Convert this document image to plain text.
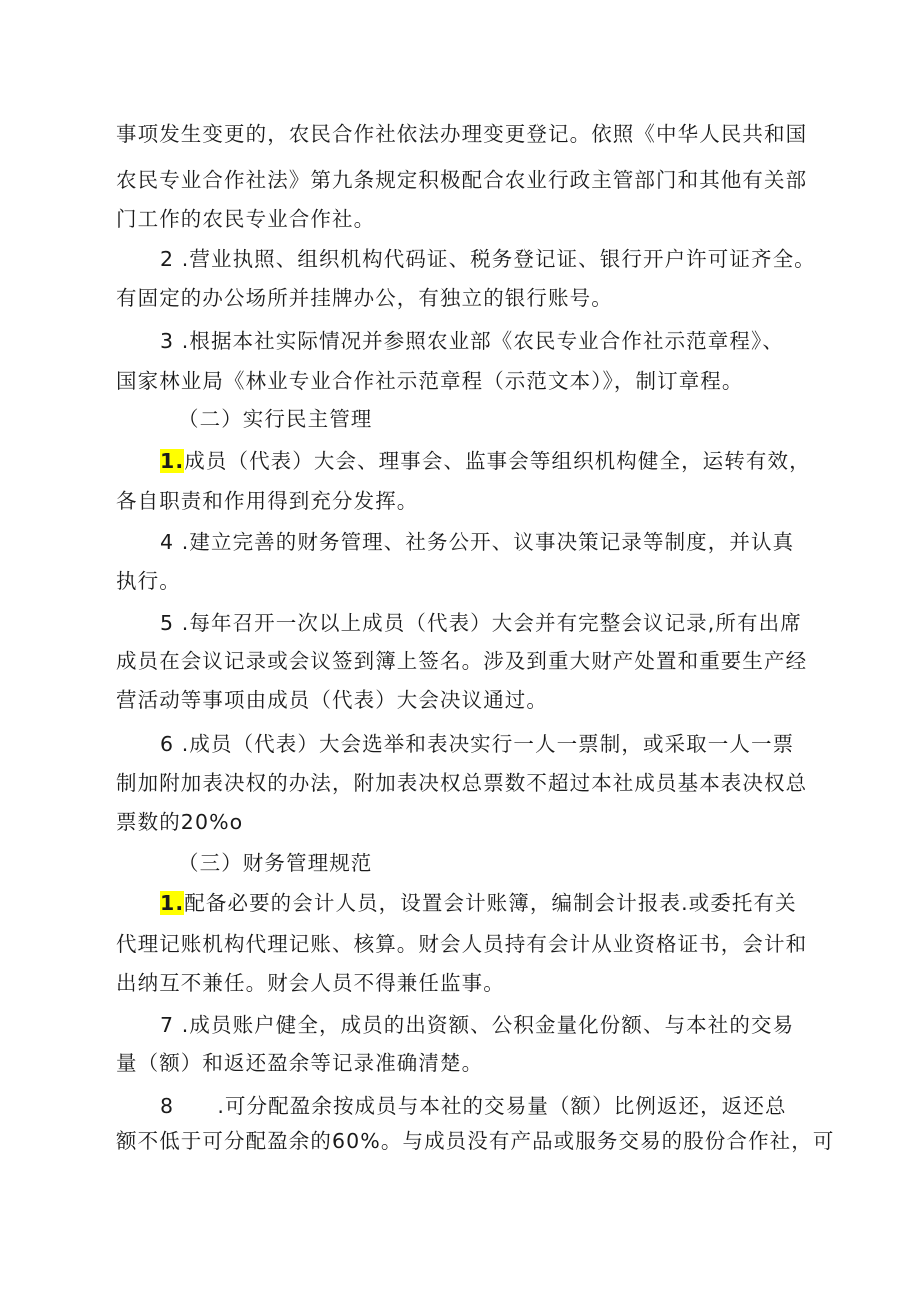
事项发生变更的，农民合作社依法办理变更登记。依照《中华人民共和国

农民专业合作社法》第九条规定积极配合农业行政主管部门和其他有关部

门工作的农民专业合作社。

2 .营业执照、组织机构代码证、税务登记证、银行开户许可证齐全。

有固定的办公场所并挂牌办公，有独立的银行账号。

3 .根据本社实际情况并参照农业部《农民专业合作社示范章程》、

国家林业局《林业专业合作社示范章程（示范文本）》，制订章程。

（二）实行民主管理

1.成员（代表）大会、理事会、监事会等组织机构健全，运转有效，

各自职责和作用得到充分发挥。

4 .建立完善的财务管理、社务公开、议事决策记录等制度，并认真

执行。

5 .每年召开一次以上成员（代表）大会并有完整会议记录,所有出席

成员在会议记录或会议签到簿上签名。涉及到重大财产处置和重要生产经

营活动等事项由成员（代表）大会决议通过。

6 .成员（代表）大会选举和表决实行一人一票制，或采取一人一票

制加附加表决权的办法，附加表决权总票数不超过本社成员基本表决权总

票数的20%o

（三）财务管理规范

1.配备必要的会计人员，设置会计账簿，编制会计报表.或委托有关

代理记账机构代理记账、核算。财会人员持有会计从业资格证书，会计和

出纳互不兼任。财会人员不得兼任监事。

7 .成员账户健全，成员的出资额、公积金量化份额、与本社的交易

量（额）和返还盈余等记录准确清楚。

8　　.可分配盈余按成员与本社的交易量（额）比例返还，返还总

额不低于可分配盈余的60%。与成员没有产品或服务交易的股份合作社，可
